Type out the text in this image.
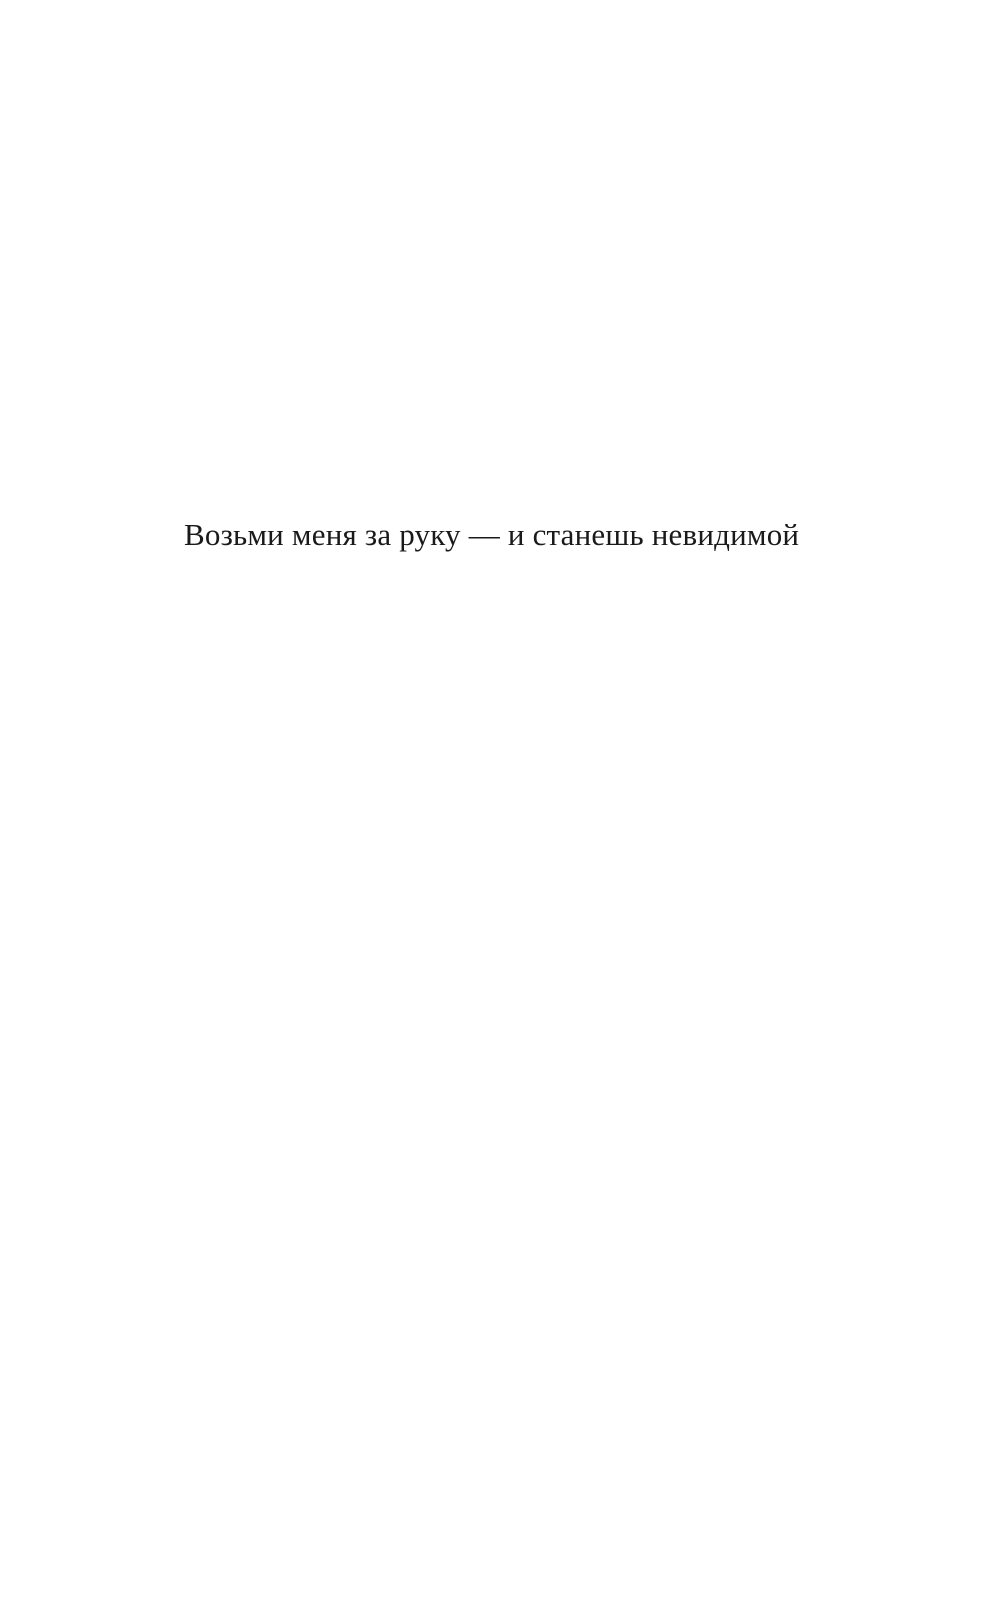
Возьми меня за руку — и станешь невидимой
